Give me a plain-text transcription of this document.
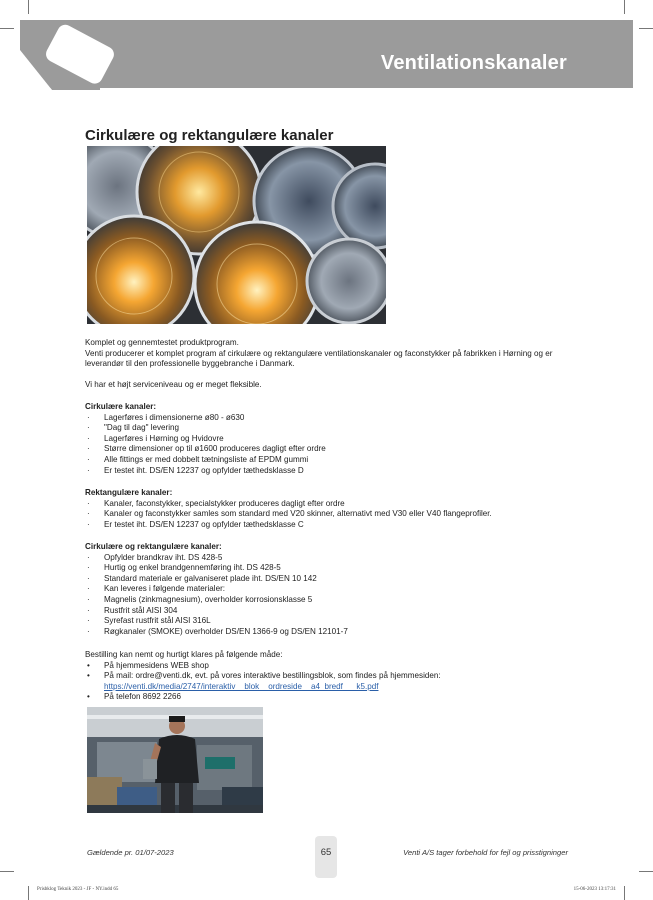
Ventilationskanaler
Cirkulære og rektangulære kanaler

Komplet og gennemtestet produktprogram.

Venti producerer et komplet program af cirkulære og rektangulære ventilationskanaler og faconstykker på fabrikken i Hørning og er leverandør til den professionelle byggebranche i Danmark.

Vi har et højt serviceniveau og er meget fleksible.

Cirkulære kanaler:

· Lagerføres i dimensionerne ø80 - ø630
· "Dag til dag" levering
· Lagerføres i Hørning og Hvidovre
· Større dimensioner op til ø1600 produceres dagligt efter ordre
· Alle fittings er med dobbelt tætningsliste af EPDM gummi
· Er testet iht. DS/EN 12237 og opfylder tæthedsklasse D

Rektangulære kanaler:

· Kanaler, faconstykker, specialstykker produceres dagligt efter ordre
· Kanaler og faconstykker samles som standard med V20 skinner, alternativt med V30 eller V40 flangeprofiler.
· Er testet iht. DS/EN 12237 og opfylder tæthedsklasse C

Cirkulære og rektangulære kanaler:

· Opfylder brandkrav iht. DS 428-5
· Hurtig og enkel brandgennemføring iht. DS 428-5
· Standard materiale er galvaniseret plade iht. DS/EN 10 142
· Kan leveres i følgende materialer:
· Magnelis (zinkmagnesium), overholder korrosionsklasse 5
· Rustfrit stål AISI 304
· Syrefast rustfrit stål AISI 316L
· Røgkanaler (SMOKE) overholder DS/EN 1366-9 og DS/EN 12101-7

Bestilling kan nemt og hurtigt klares på følgende måde:

• På hjemmesidens WEB shop
• På mail: ordre@venti.dk, evt. på vores interaktive bestillingsblok, som findes på hjemmesiden:
https://venti.dk/media/2747/interaktiv__blok__ordreside__a4_bredf___k5.pdf
• På telefon 8692 2266
Gældende pr. 01/07-2023	65	Venti A/S tager forbehold for fejl og prisstigninger
Prisbklog Teknik 2023 - JF - NY.indd 65	15-06-2023 13:17:31
